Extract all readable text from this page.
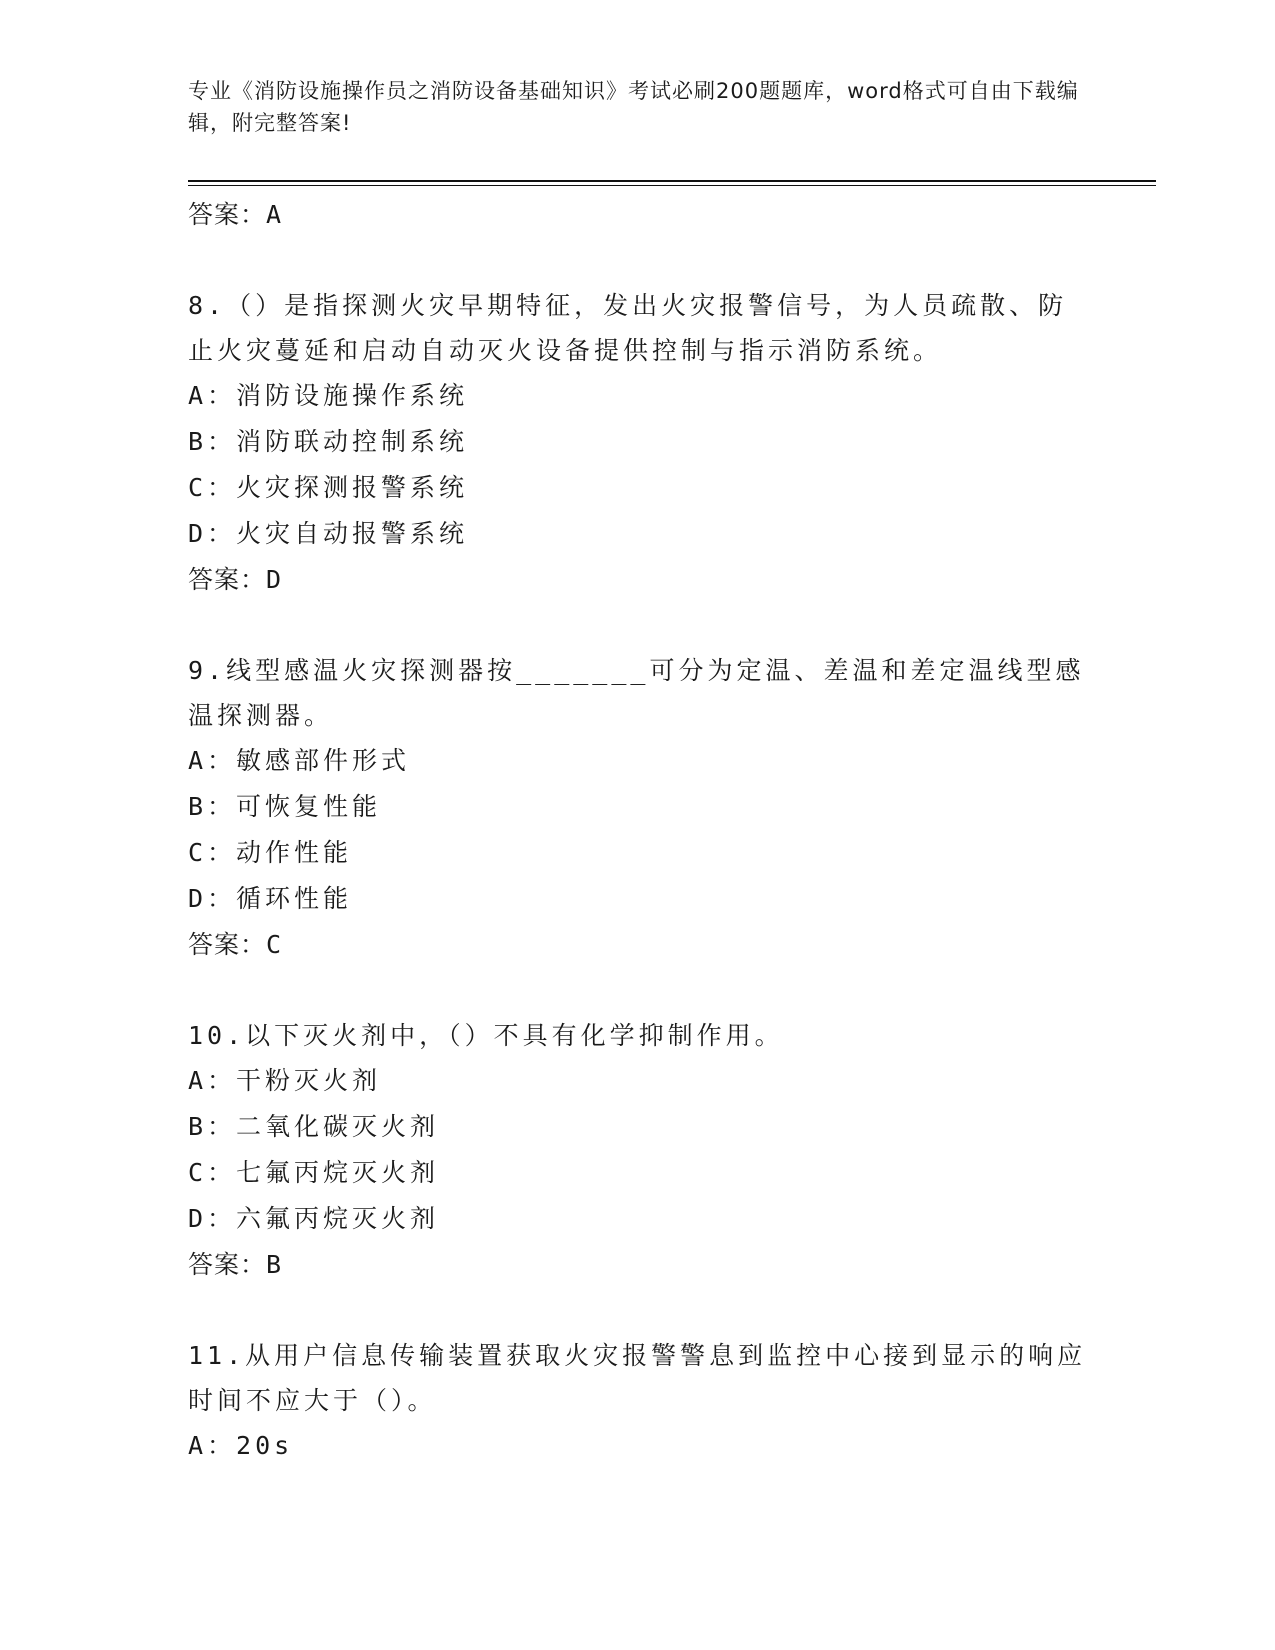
专业《消防设施操作员之消防设备基础知识》考试必刷200题题库，word格式可自由下载编辑，附完整答案!
答案：A
8.（）是指探测火灾早期特征，发出火灾报警信号，为人员疏散、防止火灾蔓延和启动自动灭火设备提供控制与指示消防系统。
A：消防设施操作系统
B：消防联动控制系统
C：火灾探测报警系统
D：火灾自动报警系统
答案：D
9.线型感温火灾探测器按_______可分为定温、差温和差定温线型感温探测器。
A：敏感部件形式
B：可恢复性能
C：动作性能
D：循环性能
答案：C
10.以下灭火剂中，（）不具有化学抑制作用。
A：干粉灭火剂
B：二氧化碳灭火剂
C：七氟丙烷灭火剂
D：六氟丙烷灭火剂
答案：B
11.从用户信息传输装置获取火灾报警警息到监控中心接到显示的响应时间不应大于（）。
A：20s
